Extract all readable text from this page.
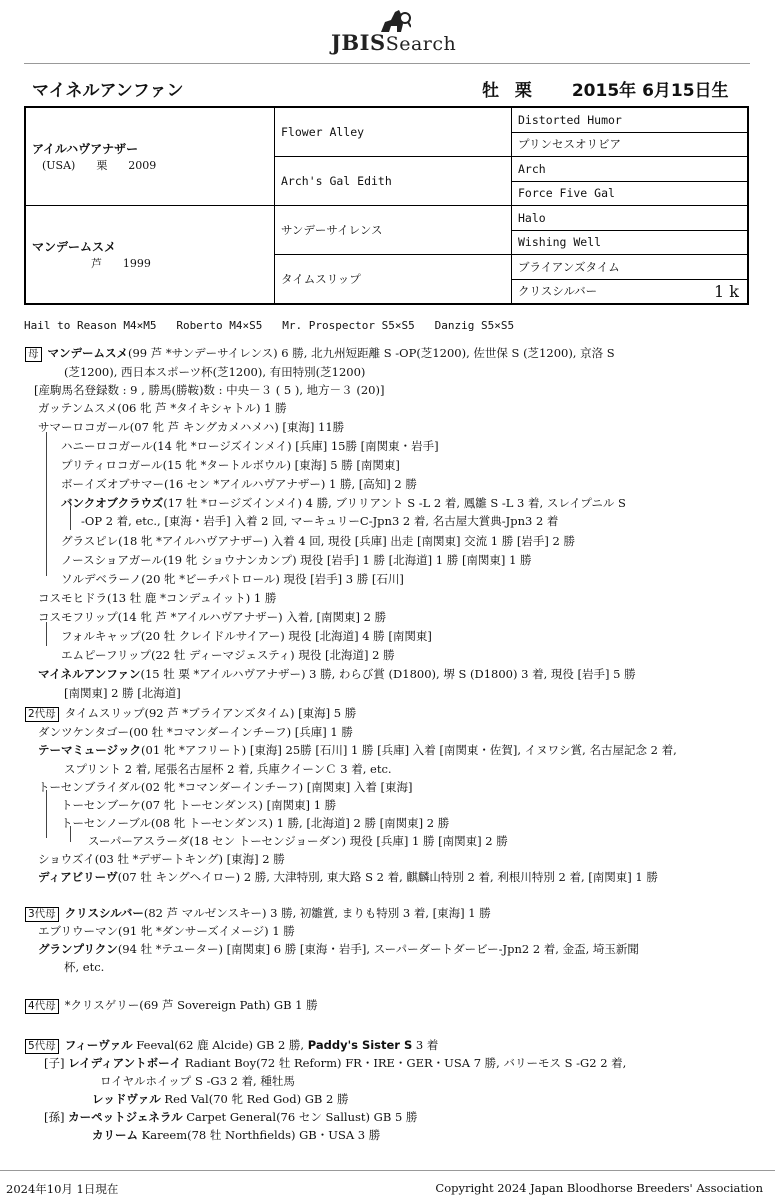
JBISSearch
マイネルアンファン	牡 栗 2015年 6月15日生
アイルハヴアナザー
(USA)      栗      2009	Flower Alley	Distorted Humor
		プリンセスオリビア
	Arch's Gal Edith	Arch
		Force Five Gal

マンデームスメ
芦      1999	サンデーサイレンス	Halo
		Wishing Well
	タイムスリップ	ブライアンズタイム
		クリスシルバー 1 k
Hail to Reason M4×M5   Roberto M4×S5   Mr. Prospector S5×S5   Danzig S5×S5
母 マンデームスメ(99 芦 *サンデーサイレンス) 6 勝, 北九州短距離 S -OP(芝1200), 佐世保 S (芝1200), 京洛 S
(芝1200), 西日本スポーツ杯(芝1200), 有田特別(芝1200)
[産駒馬名登録数 : 9 , 勝馬(勝鞍)数 : 中央－３ ( 5 ), 地方－３ (20)]
ガッテンムスメ(06 牝 芦 *タイキシャトル) 1 勝
サマーロコガール(07 牝 芦 キングカメハメハ) [東海] 11勝
ハニーロコガール(14 牝 *ロージズインメイ) [兵庫] 15勝 [南関東・岩手]
プリティロコガール(15 牝 *タートルボウル) [東海] 5 勝 [南関東]
ボーイズオブサマー(16 セン *アイルハヴアナザー) 1 勝, [高知] 2 勝
バンクオブクラウズ(17 牡 *ロージズインメイ) 4 勝, ブリリアント S -L 2 着, 鳳雛 S -L 3 着, スレイプニル S
-OP 2 着, etc., [東海・岩手] 入着 2 回, マーキュリーC-Jpn3 2 着, 名古屋大賞典-Jpn3 2 着
グラスピレ(18 牝 *アイルハヴアナザー) 入着 4 回, 現役 [兵庫] 出走 [南関東] 交流 1 勝 [岩手] 2 勝
ノースショアガール(19 牝 ショウナンカンプ) 現役 [岩手] 1 勝 [北海道] 1 勝 [南関東] 1 勝
ソルデベラーノ(20 牝 *ビーチパトロール) 現役 [岩手] 3 勝 [石川]
コスモヒドラ(13 牡 鹿 *コンデュイット) 1 勝
コスモフリップ(14 牝 芦 *アイルハヴアナザー) 入着, [南関東] 2 勝
フォルキャップ(20 牡 クレイドルサイアー) 現役 [北海道] 4 勝 [南関東]
エムピーフリップ(22 牡 ディーマジェスティ) 現役 [北海道] 2 勝
マイネルアンファン(15 牡 栗 *アイルハヴアナザー) 3 勝, わらび賞 (D1800), 堺 S (D1800) 3 着, 現役 [岩手] 5 勝
[南関東] 2 勝 [北海道]
2代母 タイムスリップ(92 芦 *ブライアンズタイム) [東海] 5 勝
ダンツケンタゴー(00 牡 *コマンダーインチーフ) [兵庫] 1 勝
テーマミュージック(01 牝 *アフリート) [東海] 25勝 [石川] 1 勝 [兵庫] 入着 [南関東・佐賀], イヌワシ賞, 名古屋記念 2 着,
スプリント 2 着, 尾張名古屋杯 2 着, 兵庫クイーンＣ 3 着, etc.
トーセンブライダル(02 牝 *コマンダーインチーフ) [南関東] 入着 [東海]
トーセンブーケ(07 牝 トーセンダンス) [南関東] 1 勝
トーセンノーブル(08 牝 トーセンダンス) 1 勝, [北海道] 2 勝 [南関東] 2 勝
スーパーアスラーダ(18 セン トーセンジョーダン) 現役 [兵庫] 1 勝 [南関東] 2 勝
ショウズイ(03 牡 *デザートキング) [東海] 2 勝
ディアビリーヴ(07 牡 キングヘイロー) 2 勝, 大津特別, 東大路 S 2 着, 麒麟山特別 2 着, 利根川特別 2 着, [南関東] 1 勝
3代母 クリスシルバー(82 芦 マルゼンスキー) 3 勝, 初雛賞, まりも特別 3 着, [東海] 1 勝
エブリウーマン(91 牝 *ダンサーズイメージ) 1 勝
グランプリクン(94 牡 *テユーター) [南関東] 6 勝 [東海・岩手], スーパーダートダービー-Jpn2 2 着, 金盃, 埼玉新聞
杯, etc.
4代母 *クリスゲリー(69 芦 Sovereign Path) GB 1 勝
5代母 フィーヴァル Feeval(62 鹿 Alcide) GB 2 勝, Paddy's Sister S 3 着
[子] レイディアントボーイ Radiant Boy(72 牡 Reform) FR・IRE・GER・USA 7 勝, バリーモス S -G2 2 着,
ロイヤルホイップ S -G3 2 着, 種牡馬
レッドヴァル Red Val(70 牝 Red God) GB 2 勝
[孫] カーペットジェネラル Carpet General(76 セン Sallust) GB 5 勝
カリーム Kareem(78 牡 Northfields) GB・USA 3 勝
2024年10月 1日現在	Copyright 2024 Japan Bloodhorse Breeders' Association
